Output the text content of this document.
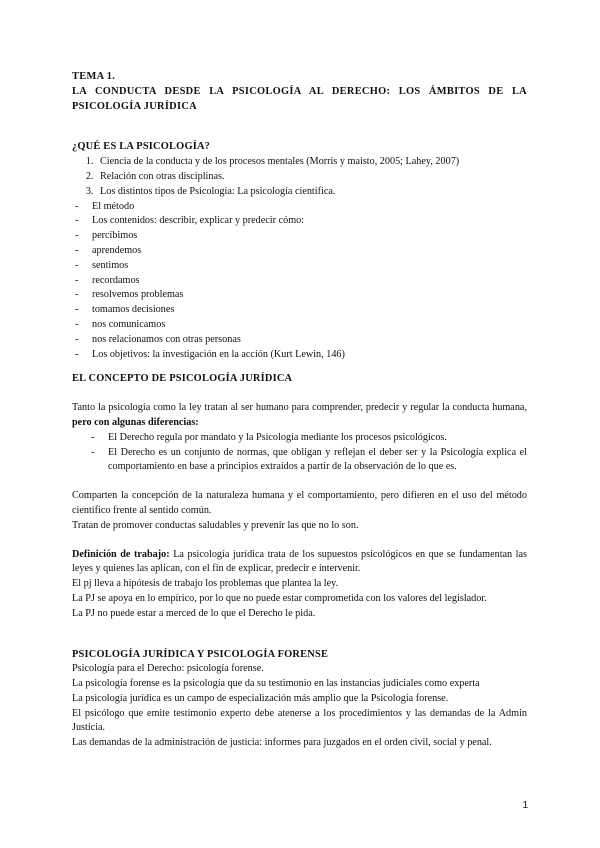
TEMA 1.
LA CONDUCTA DESDE LA PSICOLOGÍA AL DERECHO: LOS ÁMBITOS DE LA PSICOLOGÍA JURÍDICA
¿QUÉ ES LA PSICOLOGÍA?
1. Ciencia de la conducta y de los procesos mentales (Morris y maisto, 2005; Lahey, 2007)
2. Relación con otras disciplinas.
3. Los distintos tipos de Psicología: La psicología científica.
- El método
- Los contenidos: describir, explicar y predecir cómo:
- percibimos
- aprendemos
- sentimos
- recordamos
- resolvemos problemas
- tomamos decisiones
- nos comunicamos
- nos relacionamos con otras personas
- Los objetivos: la investigación en la acción (Kurt Lewin, 146)
EL CONCEPTO DE PSICOLOGÍA JURÍDICA

Tanto la psicología como la ley tratan al ser humano para comprender, predecir y regular la conducta humana, pero con algunas diferencias:

- El Derecho regula por mandato y la Psicología mediante los procesos psicológicos.
- El Derecho es un conjunto de normas, que obligan y reflejan el deber ser y la Psicología explica el comportamiento en base a principios extraídos a partir de la observación de lo que es.

Comparten la concepción de la naturaleza humana y el comportamiento, pero difieren en el uso del método científico frente al sentido común.

Tratan de promover conductas saludables y prevenir las que no lo son.

Definición de trabajo: La psicología jurídica trata de los supuestos psicológicos en que se fundamentan las leyes y quienes las aplican, con el fin de explicar, predecir e intervenir.

El pj lleva a hipótesis de trabajo los problemas que plantea la ley.

La PJ se apoya en lo empírico, por lo que no puede estar comprometida con los valores del legislador.

La PJ no puede estar a merced de lo que el Derecho le pida.

PSICOLOGÍA JURÍDICA Y PSICOLOGÍA FORENSE

Psicología para el Derecho: psicología forense.

La psicología forense es la psicología que da su testimonio en las instancias judiciales como experta

La psicología jurídica es un campo de especialización más amplio que la Psicología forense.

El psicólogo que emite testimonio experto debe atenerse a los procedimientos y las demandas de la Admin Justicia.

Las demandas de la administración de justicia: informes para juzgados en el orden civil, social y penal.

1
